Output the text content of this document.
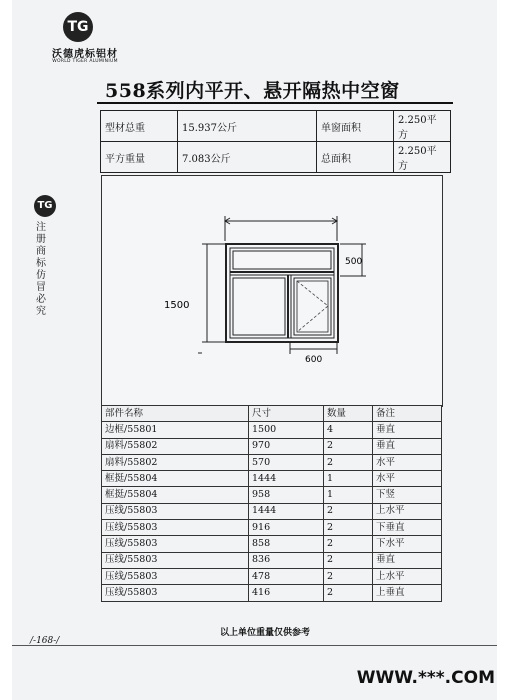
TG
沃德虎标铝材
WORLD TIGER ALUMINIUM
558系列内平开、悬开隔热中空窗
型材总重	15.937公斤	单窗面积	2.250平方
平方重量	7.083公斤	总面积	2.250平方
TG
注册商标 仿冒必究
1500
500
600
部件名称	尺寸	数量	备注
边框/55801	1500	4	垂直
扇料/55802	970	2	垂直
扇料/55802	570	2	水平
框挺/55804	1444	1	水平
框挺/55804	958	1	下竖
压线/55803	1444	2	上水平
压线/55803	916	2	下垂直
压线/55803	858	2	下水平
压线/55803	836	2	垂直
压线/55803	478	2	上水平
压线/55803	416	2	上垂直
以上单位重量仅供参考
/-168-/
WWW.***.COM
